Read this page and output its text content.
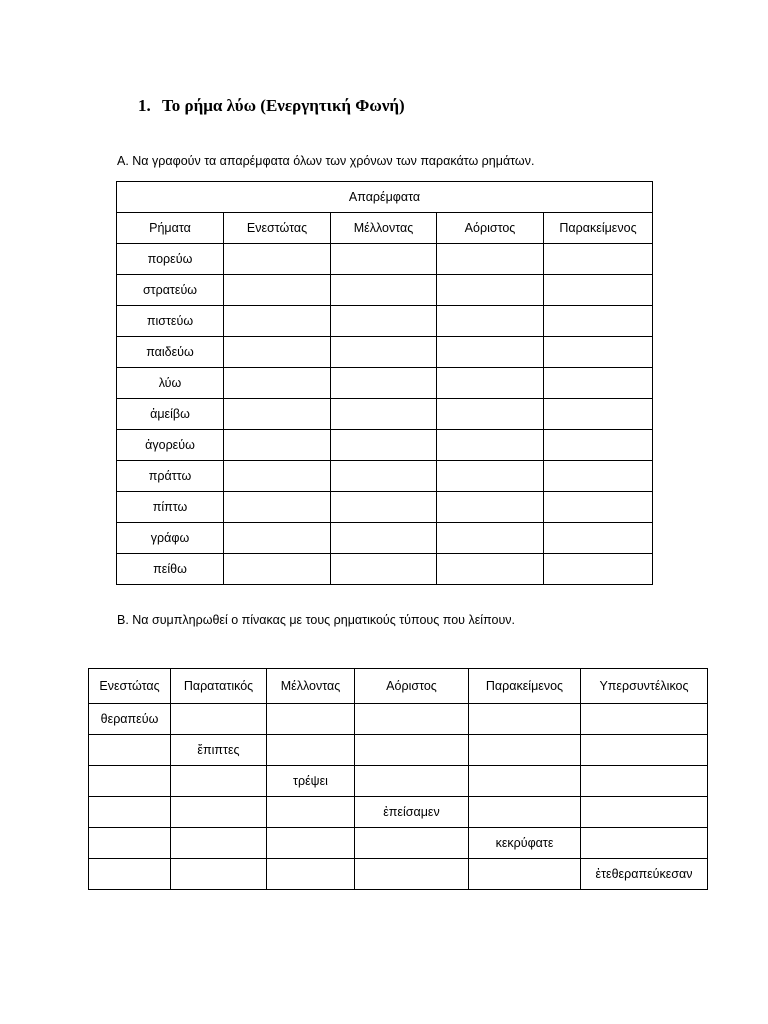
1. Το ρήμα λύω (Ενεργητική Φωνή)
Α. Να γραφούν τα απαρέμφατα όλων των χρόνων των παρακάτω ρημάτων.
Απαρέμφατα				
Ρήματα	Ενεστώτας	Μέλλοντας	Αόριστος	Παρακείμενος
πορεύω				
στρατεύω				
πιστεύω				
παιδεύω				
λύω				
ἀμείβω				
ἀγορεύω				
πράττω				
πίπτω				
γράφω				
πείθω				
Β. Να συμπληρωθεί ο πίνακας με τους ρηματικούς τύπους που λείπουν.
Ενεστώτας	Παρατατικός	Μέλλοντας	Αόριστος	Παρακείμενος	Υπερσυντέλικος
θεραπεύω					
	ἔπιπτες				
		τρέψει			
			ἐπείσαμεν		
				κεκρύφατε	
					ἐτεθεραπεύκεσαν
